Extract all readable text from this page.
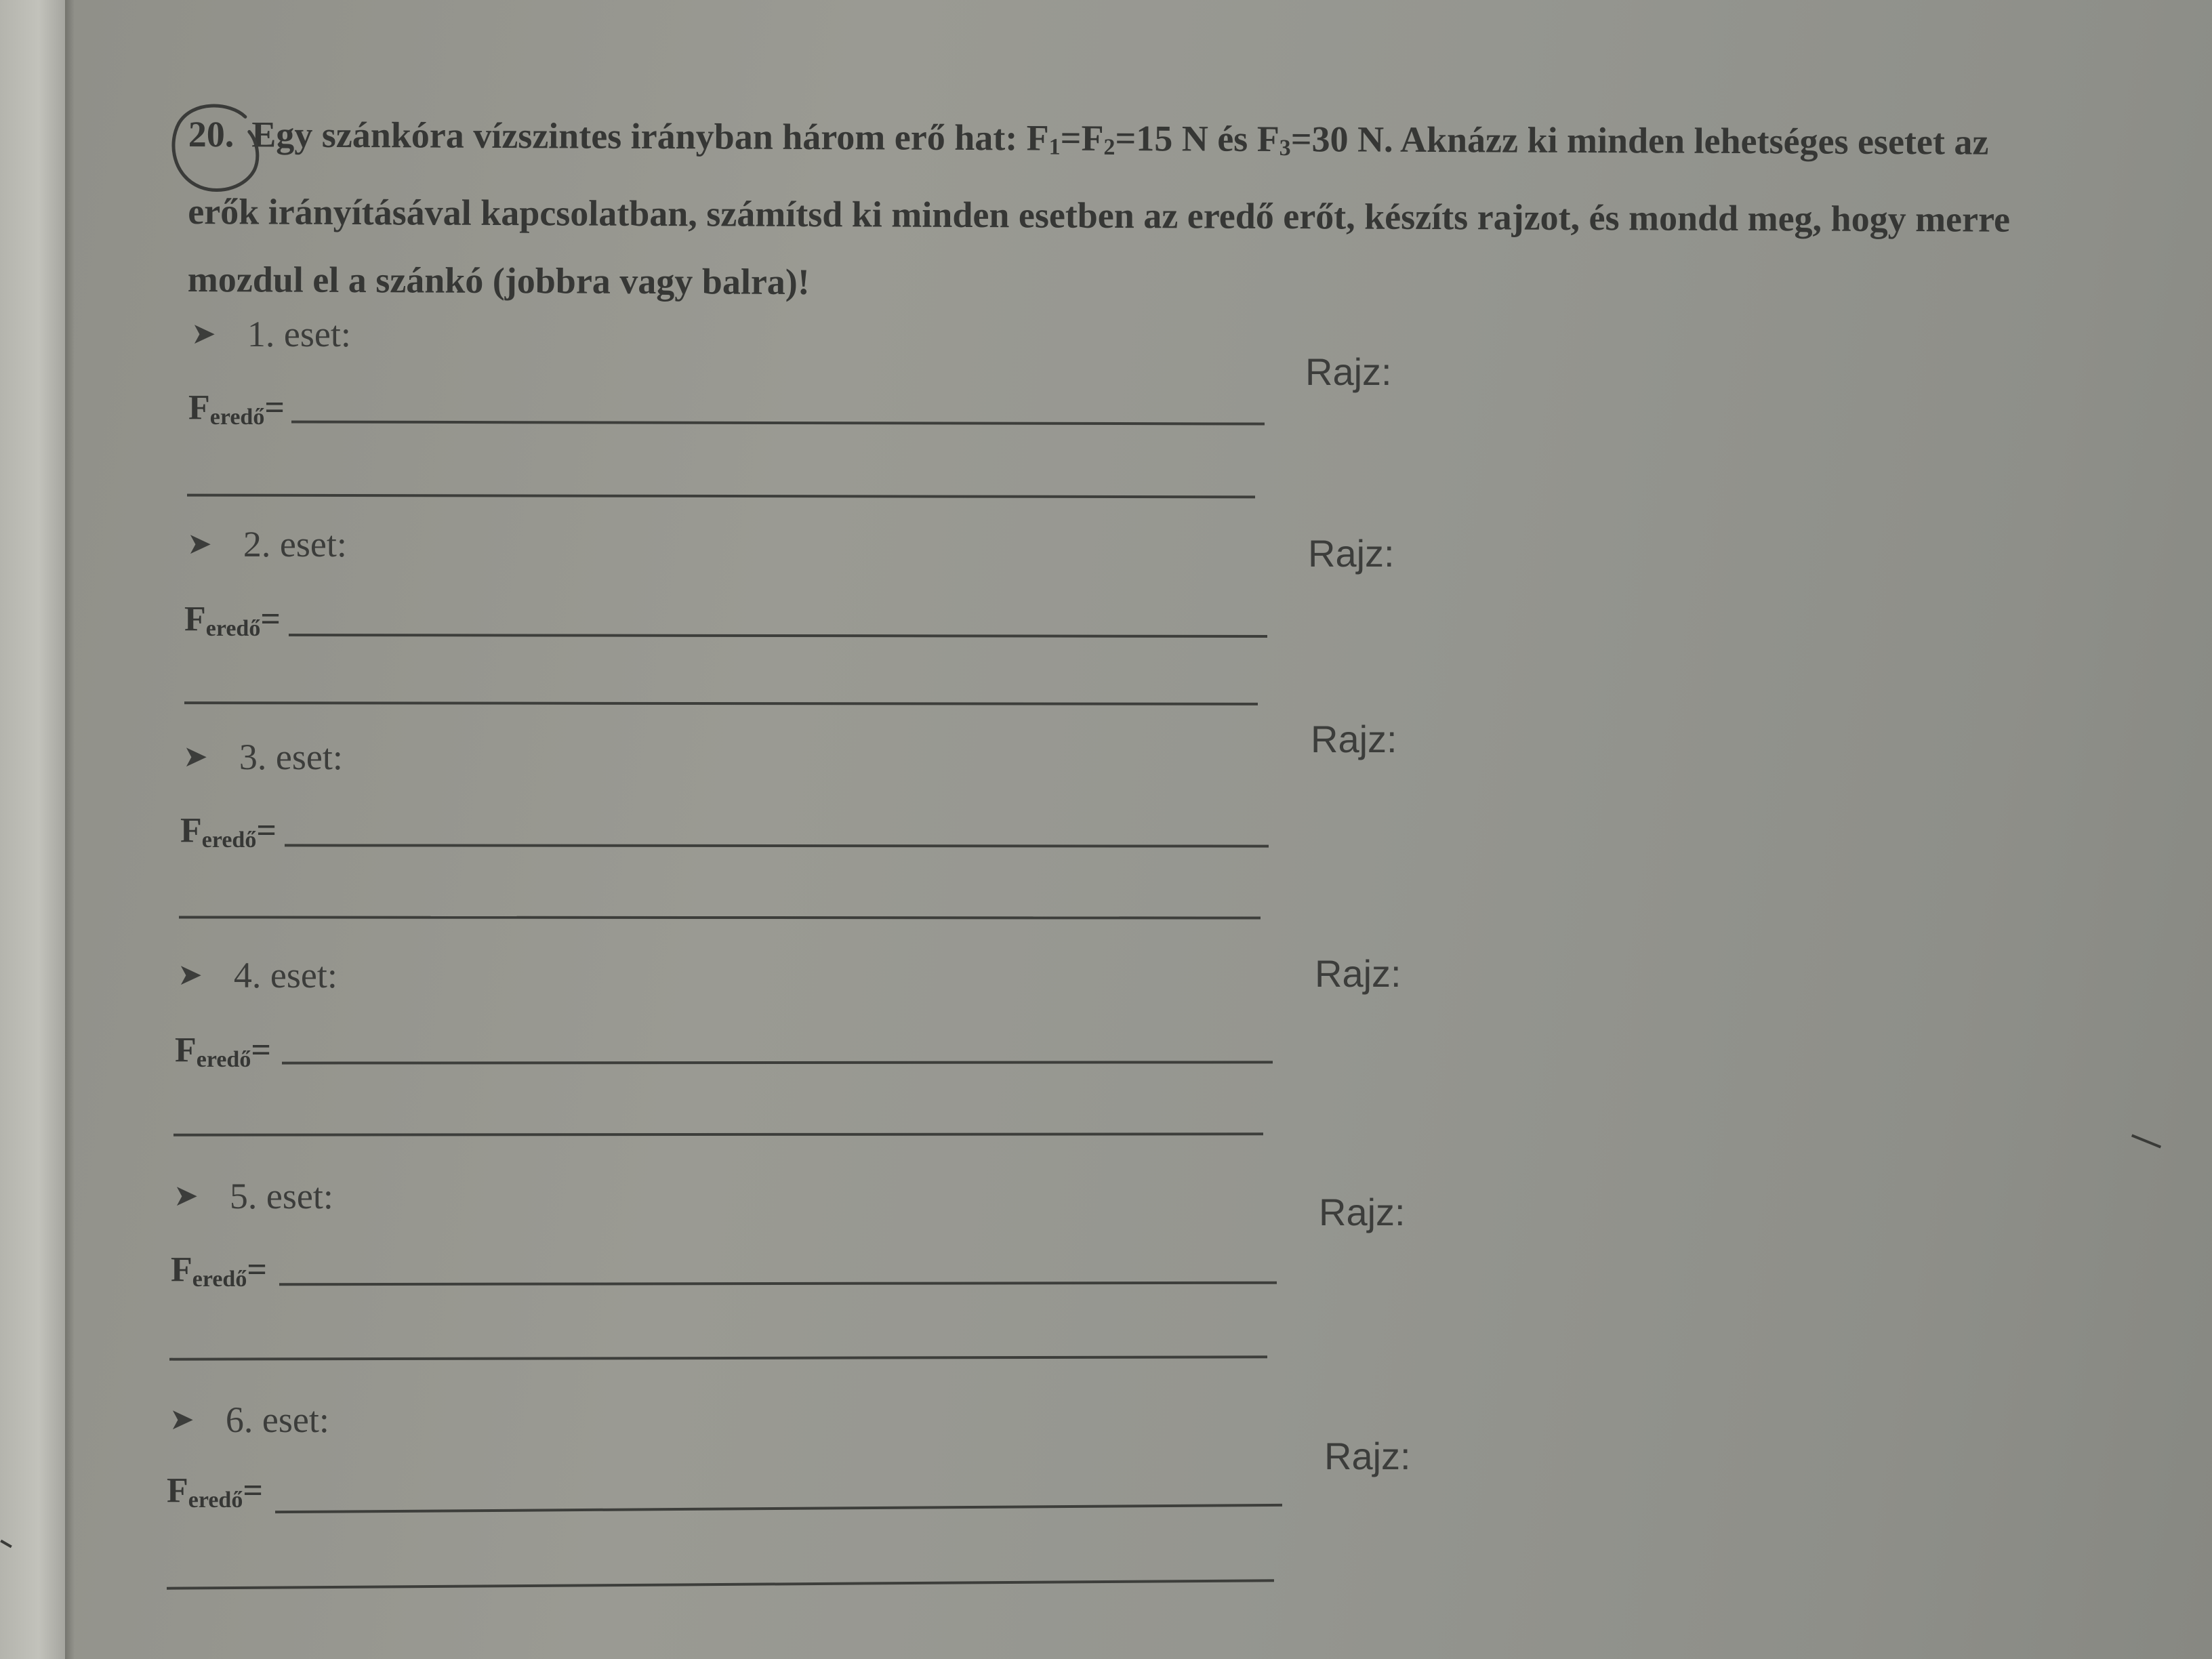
20. Egy szánkóra vízszintes irányban három erő hat: $F_1=F_2=15$ N és $F_3=30$ N. Aknázz ki minden lehetséges esetet az erők irányításával kapcsolatban, számítsd ki minden esetben az eredő erőt, készíts rajzot, és mondd meg, hogy merre mozdul el a szánkó (jobbra vagy balra)!
➤ 1. eset:
Rajz:
$F_{eredő}=$
➤ 2. eset:	Rajz:
$F_{eredő}=$
➤ 3. eset:	Rajz:
$F_{eredő}=$
➤ 4. eset:	Rajz:
$F_{eredő}=$
➤ 5. eset:	Rajz:
$F_{eredő}=$
➤ 6. eset:
Rajz:
$F_{eredő}=$
